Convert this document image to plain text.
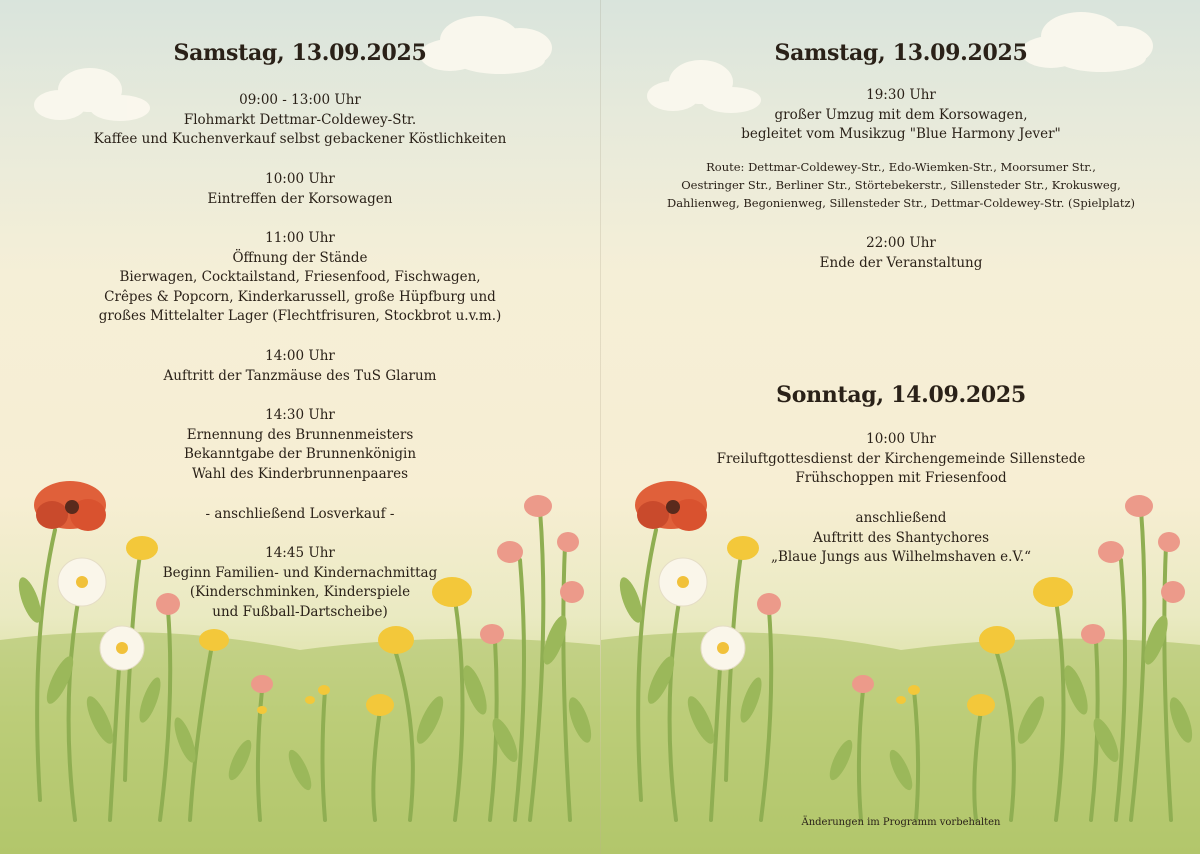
Samstag, 13.09.2025
09:00 - 13:00 Uhr
Flohmarkt Dettmar-Coldewey-Str.
Kaffee und Kuchenverkauf selbst gebackener Köstlichkeiten
10:00 Uhr
Eintreffen der Korsowagen
11:00 Uhr
Öffnung der Stände
Bierwagen, Cocktailstand, Friesenfood, Fischwagen,
Crêpes & Popcorn, Kinderkarussell, große Hüpfburg und
großes Mittelalter Lager (Flechtfrisuren, Stockbrot u.v.m.)
14:00 Uhr
Auftritt der Tanzmäuse des TuS Glarum
14:30 Uhr
Ernennung des Brunnenmeisters
Bekanntgabe der Brunnenkönigin
Wahl des Kinderbrunnenpaares
- anschließend Losverkauf -
14:45 Uhr
Beginn Familien- und Kindernachmittag
(Kinderschminken, Kinderspiele
und Fußball-Dartscheibe)
Samstag, 13.09.2025
19:30 Uhr
großer Umzug mit dem Korsowagen,
begleitet vom Musikzug "Blue Harmony Jever"
Route: Dettmar-Coldewey-Str., Edo-Wiemken-Str., Moorsumer Str.,
Oestringer Str., Berliner Str., Störtebekerstr., Sillensteder Str., Krokusweg,
Dahlienweg, Begonienweg, Sillensteder Str., Dettmar-Coldewey-Str. (Spielplatz)
22:00 Uhr
Ende der Veranstaltung
Sonntag, 14.09.2025
10:00 Uhr
Freiluftgottesdienst der Kirchengemeinde Sillenstede
Frühschoppen mit Friesenfood
anschließend
Auftritt des Shantychores
„Blaue Jungs aus Wilhelmshaven e.V.“
Änderungen im Programm vorbehalten
